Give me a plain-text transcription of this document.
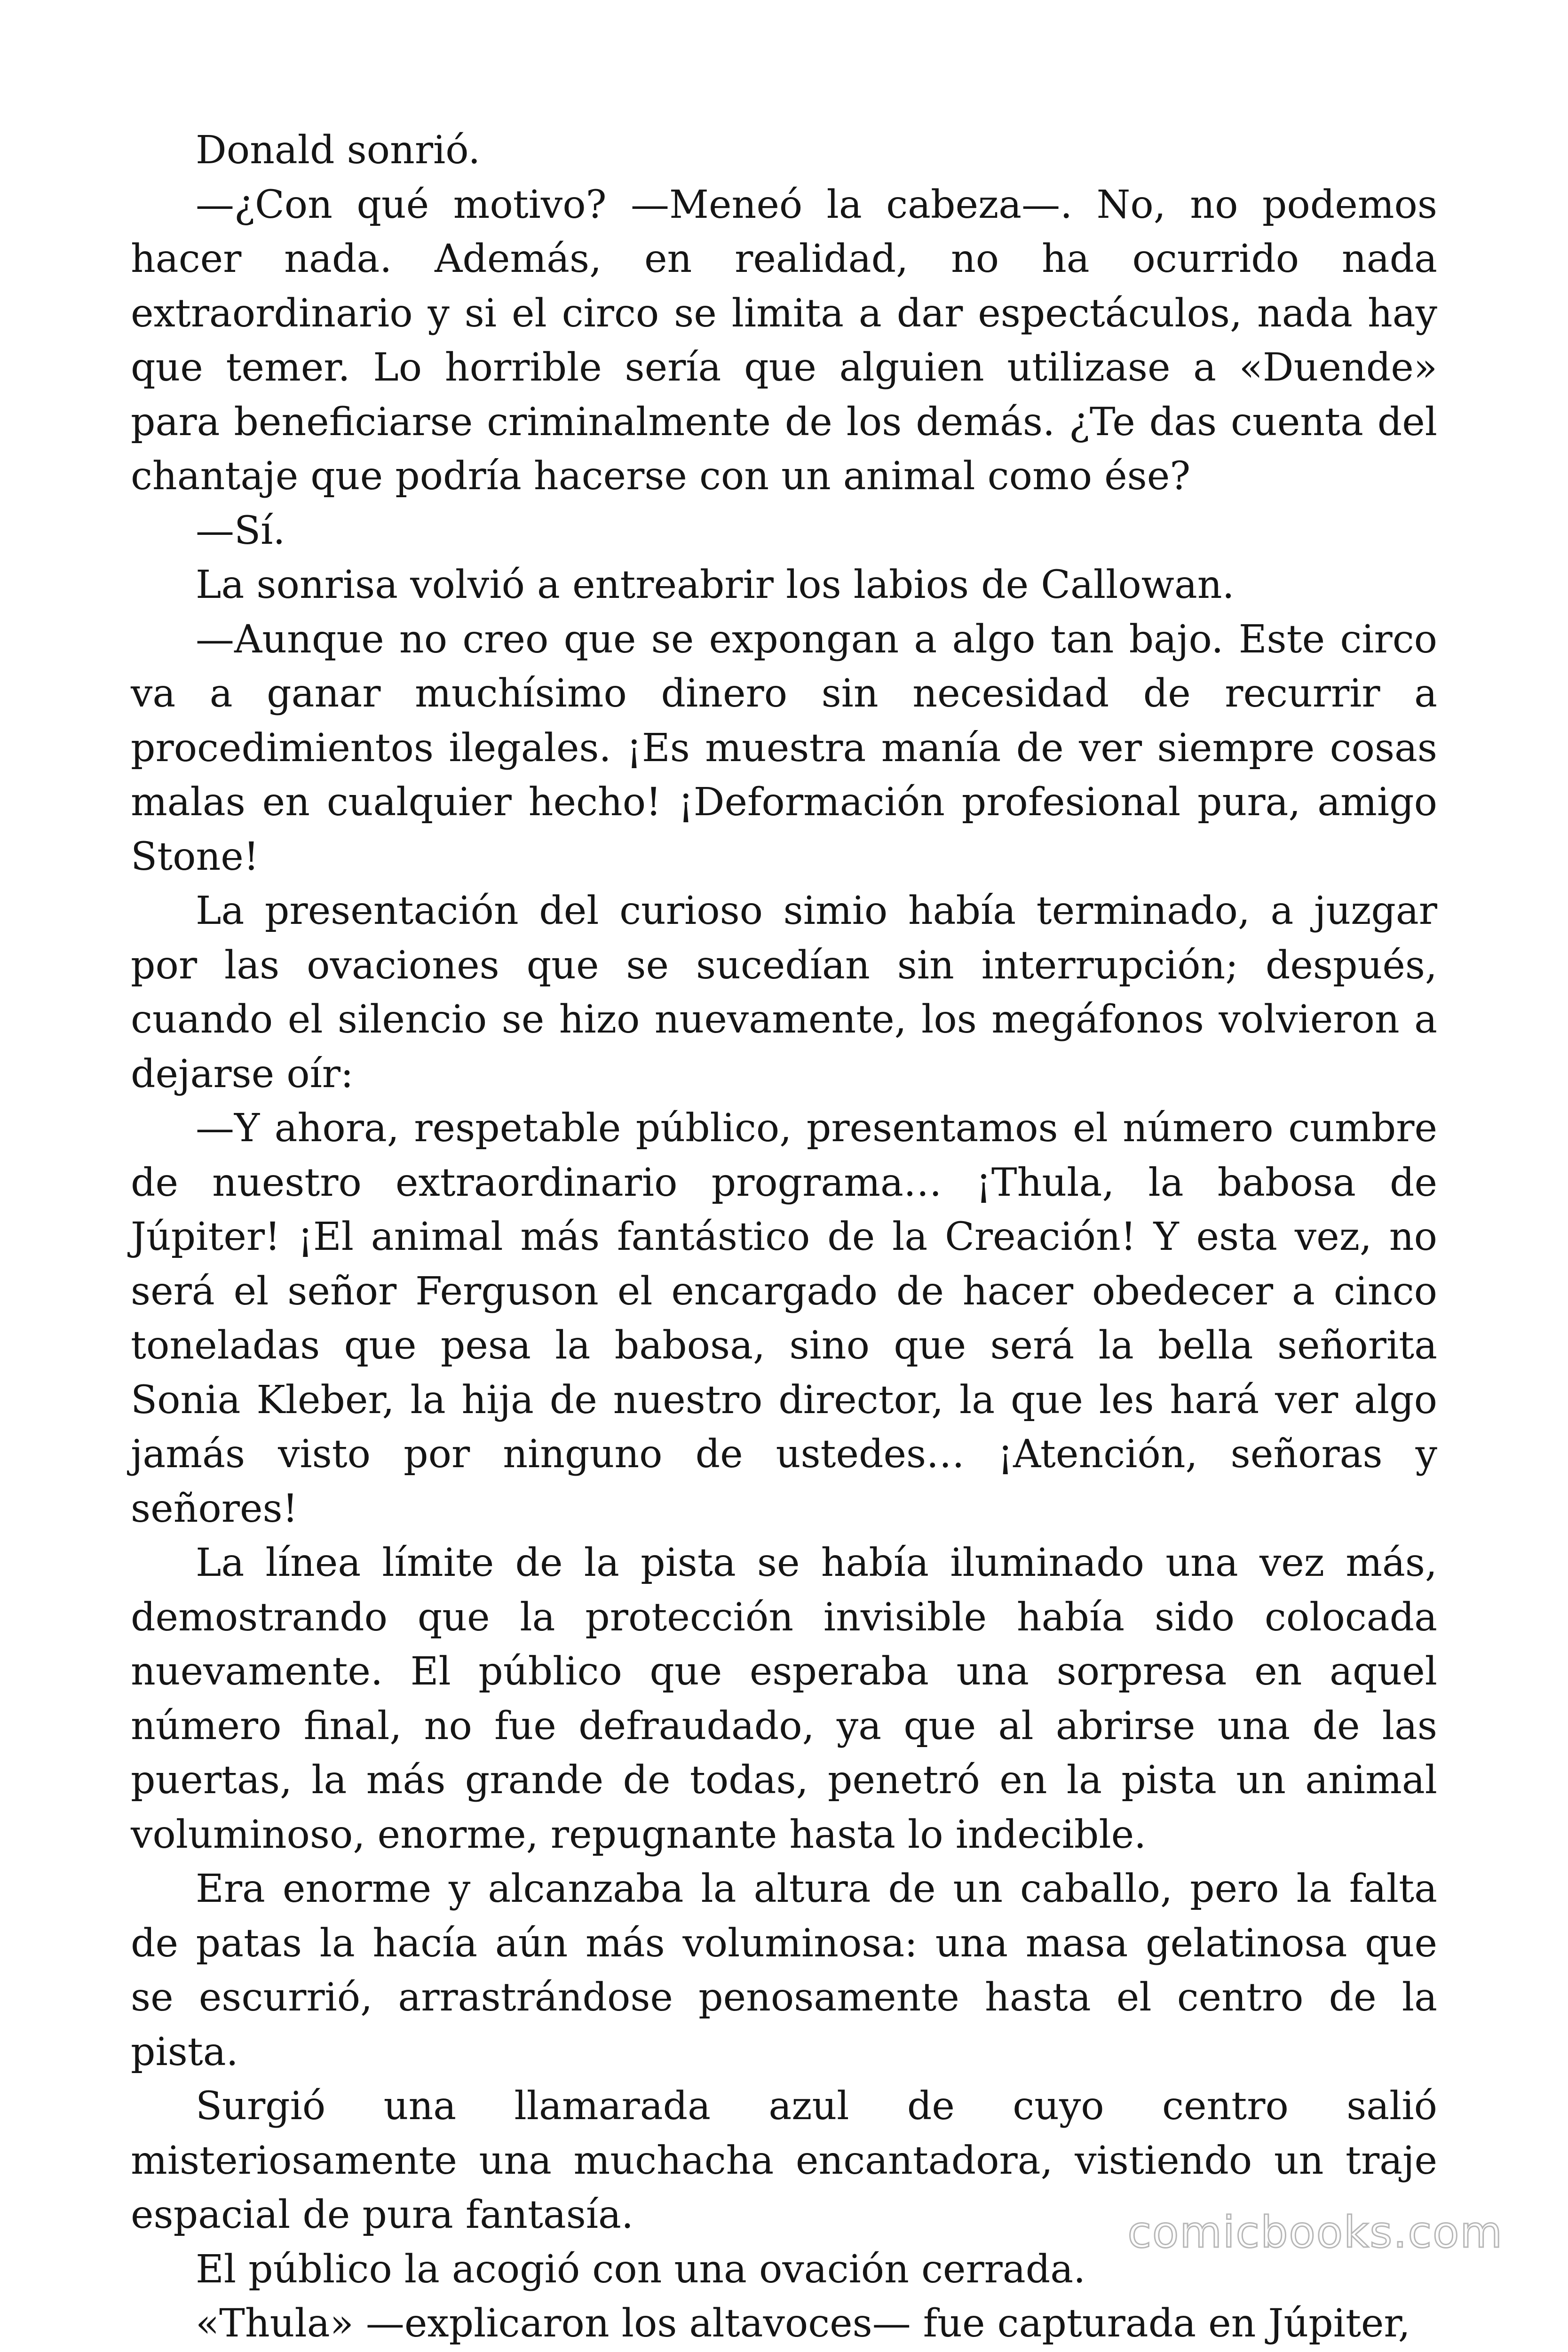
Donald sonrió.

—¿Con qué motivo? —Meneó la cabeza—. No, no podemos hacer nada. Además, en realidad, no ha ocurrido nada extraordinario y si el circo se limita a dar espectáculos, nada hay que temer. Lo horrible sería que alguien utilizase a «Duende» para beneficiarse criminalmente de los demás. ¿Te das cuenta del chantaje que podría hacerse con un animal como ése?

—Sí.

La sonrisa volvió a entreabrir los labios de Callowan.

—Aunque no creo que se expongan a algo tan bajo. Este circo va a ganar muchísimo dinero sin necesidad de recurrir a procedimientos ilegales. ¡Es muestra manía de ver siempre cosas malas en cualquier hecho! ¡Deformación profesional pura, amigo Stone!

La presentación del curioso simio había terminado, a juzgar por las ovaciones que se sucedían sin interrupción; después, cuando el silencio se hizo nuevamente, los megáfonos volvieron a dejarse oír:

—Y ahora, respetable público, presentamos el número cumbre de nuestro extraordinario programa… ¡Thula, la babosa de Júpiter! ¡El animal más fantástico de la Creación! Y esta vez, no será el señor Ferguson el encargado de hacer obedecer a cinco toneladas que pesa la babosa, sino que será la bella señorita Sonia Kleber, la hija de nuestro director, la que les hará ver algo jamás visto por ninguno de ustedes… ¡Atención, señoras y señores!

La línea límite de la pista se había iluminado una vez más, demostrando que la protección invisible había sido colocada nuevamente. El público que esperaba una sorpresa en aquel número final, no fue defraudado, ya que al abrirse una de las puertas, la más grande de todas, penetró en la pista un animal voluminoso, enorme, repugnante hasta lo indecible.

Era enorme y alcanzaba la altura de un caballo, pero la falta de patas la hacía aún más voluminosa: una masa gelatinosa que se escurrió, arrastrándose penosamente hasta el centro de la pista.

Surgió una llamarada azul de cuyo centro salió misteriosamente una muchacha encantadora, vistiendo un traje espacial de pura fantasía.

El público la acogió con una ovación cerrada.

«Thula» —explicaron los altavoces— fue capturada en Júpiter,

comicbooks.com
